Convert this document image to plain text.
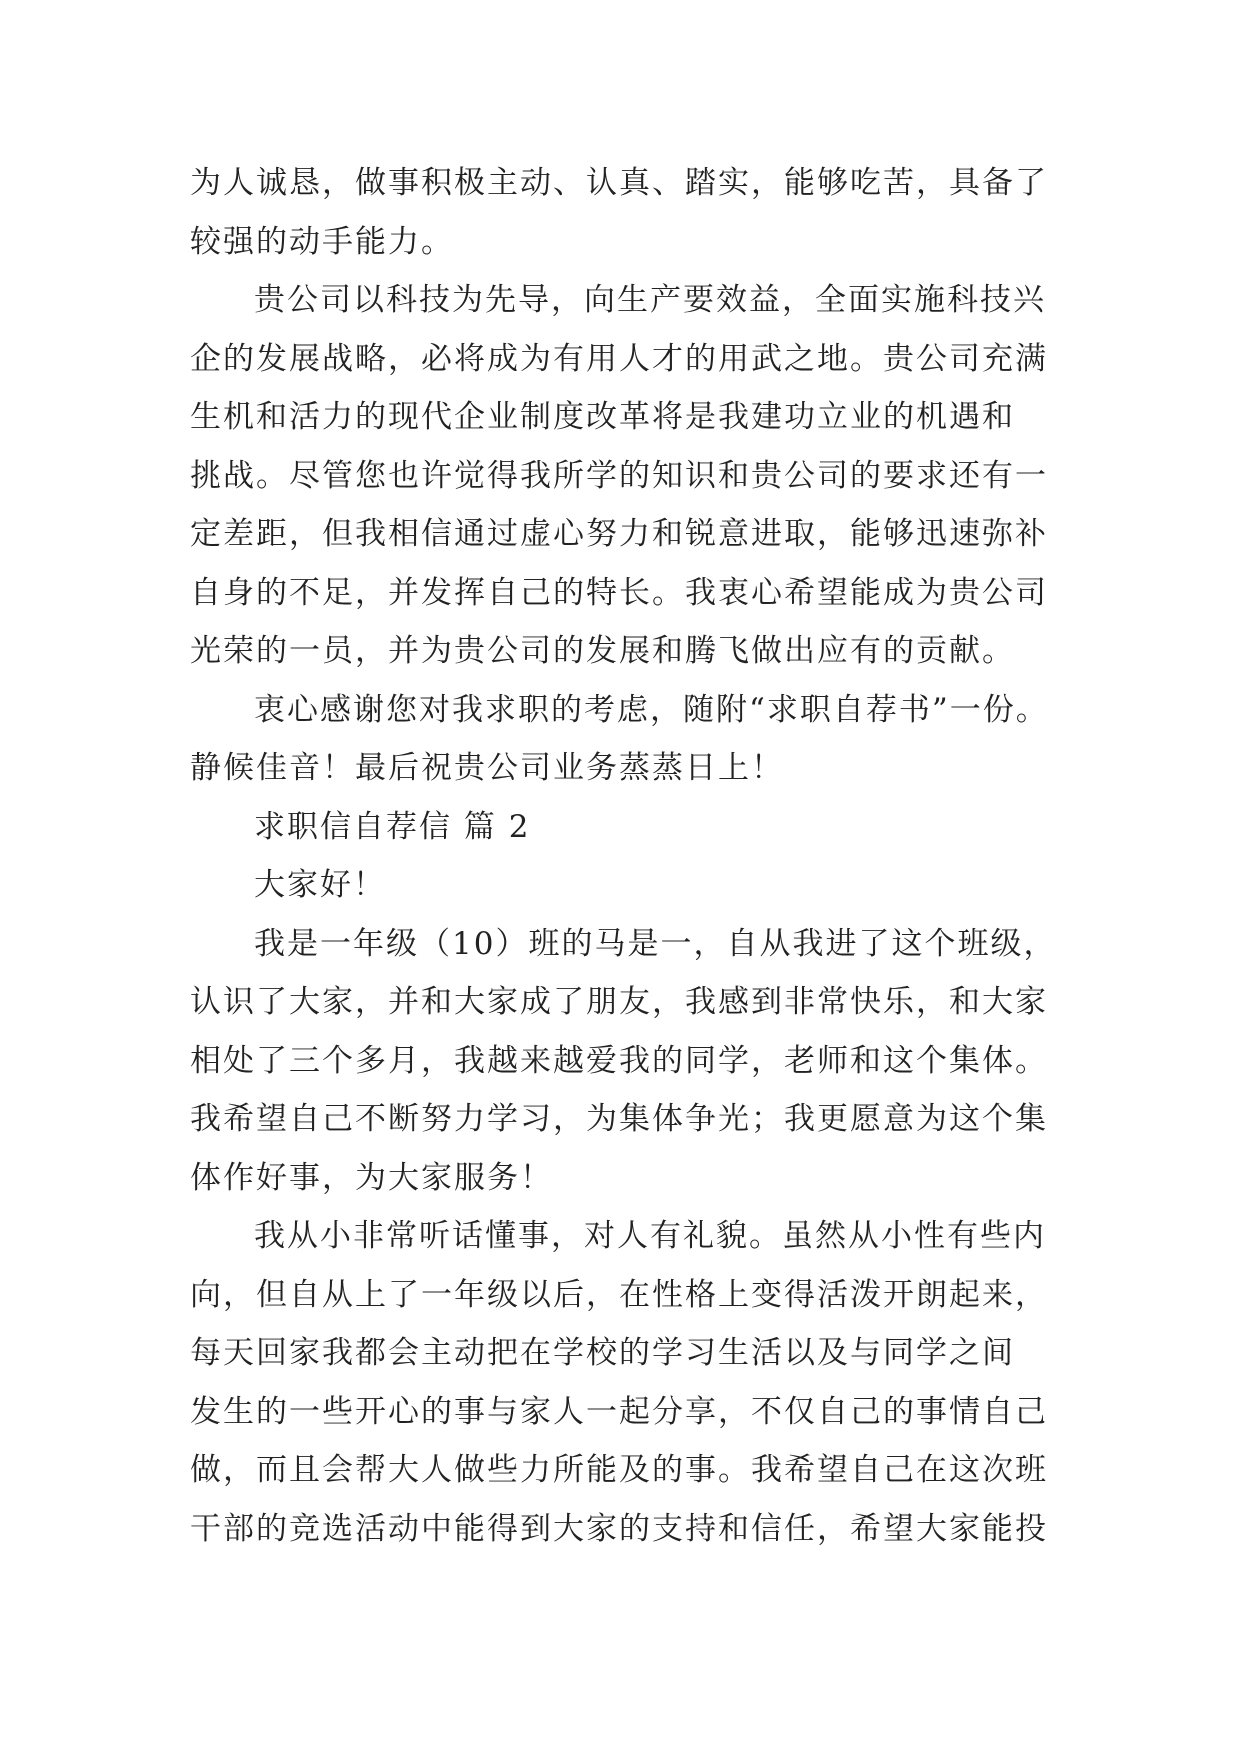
为人诚恳，做事积极主动、认真、踏实，能够吃苦，具备了
较强的动手能力。
贵公司以科技为先导，向生产要效益，全面实施科技兴
企的发展战略，必将成为有用人才的用武之地。贵公司充满
生机和活力的现代企业制度改革将是我建功立业的机遇和
挑战。尽管您也许觉得我所学的知识和贵公司的要求还有一
定差距，但我相信通过虚心努力和锐意进取，能够迅速弥补
自身的不足，并发挥自己的特长。我衷心希望能成为贵公司
光荣的一员，并为贵公司的发展和腾飞做出应有的贡献。
衷心感谢您对我求职的考虑，随附“求职自荐书”一份。
静候佳音！最后祝贵公司业务蒸蒸日上！
求职信自荐信 篇 2
大家好！
我是一年级（10）班的马是一，自从我进了这个班级，
认识了大家，并和大家成了朋友，我感到非常快乐，和大家
相处了三个多月，我越来越爱我的同学，老师和这个集体。
我希望自己不断努力学习，为集体争光；我更愿意为这个集
体作好事，为大家服务！
我从小非常听话懂事，对人有礼貌。虽然从小性有些内
向，但自从上了一年级以后，在性格上变得活泼开朗起来，
每天回家我都会主动把在学校的学习生活以及与同学之间
发生的一些开心的事与家人一起分享，不仅自己的事情自己
做，而且会帮大人做些力所能及的事。我希望自己在这次班
干部的竞选活动中能得到大家的支持和信任，希望大家能投
